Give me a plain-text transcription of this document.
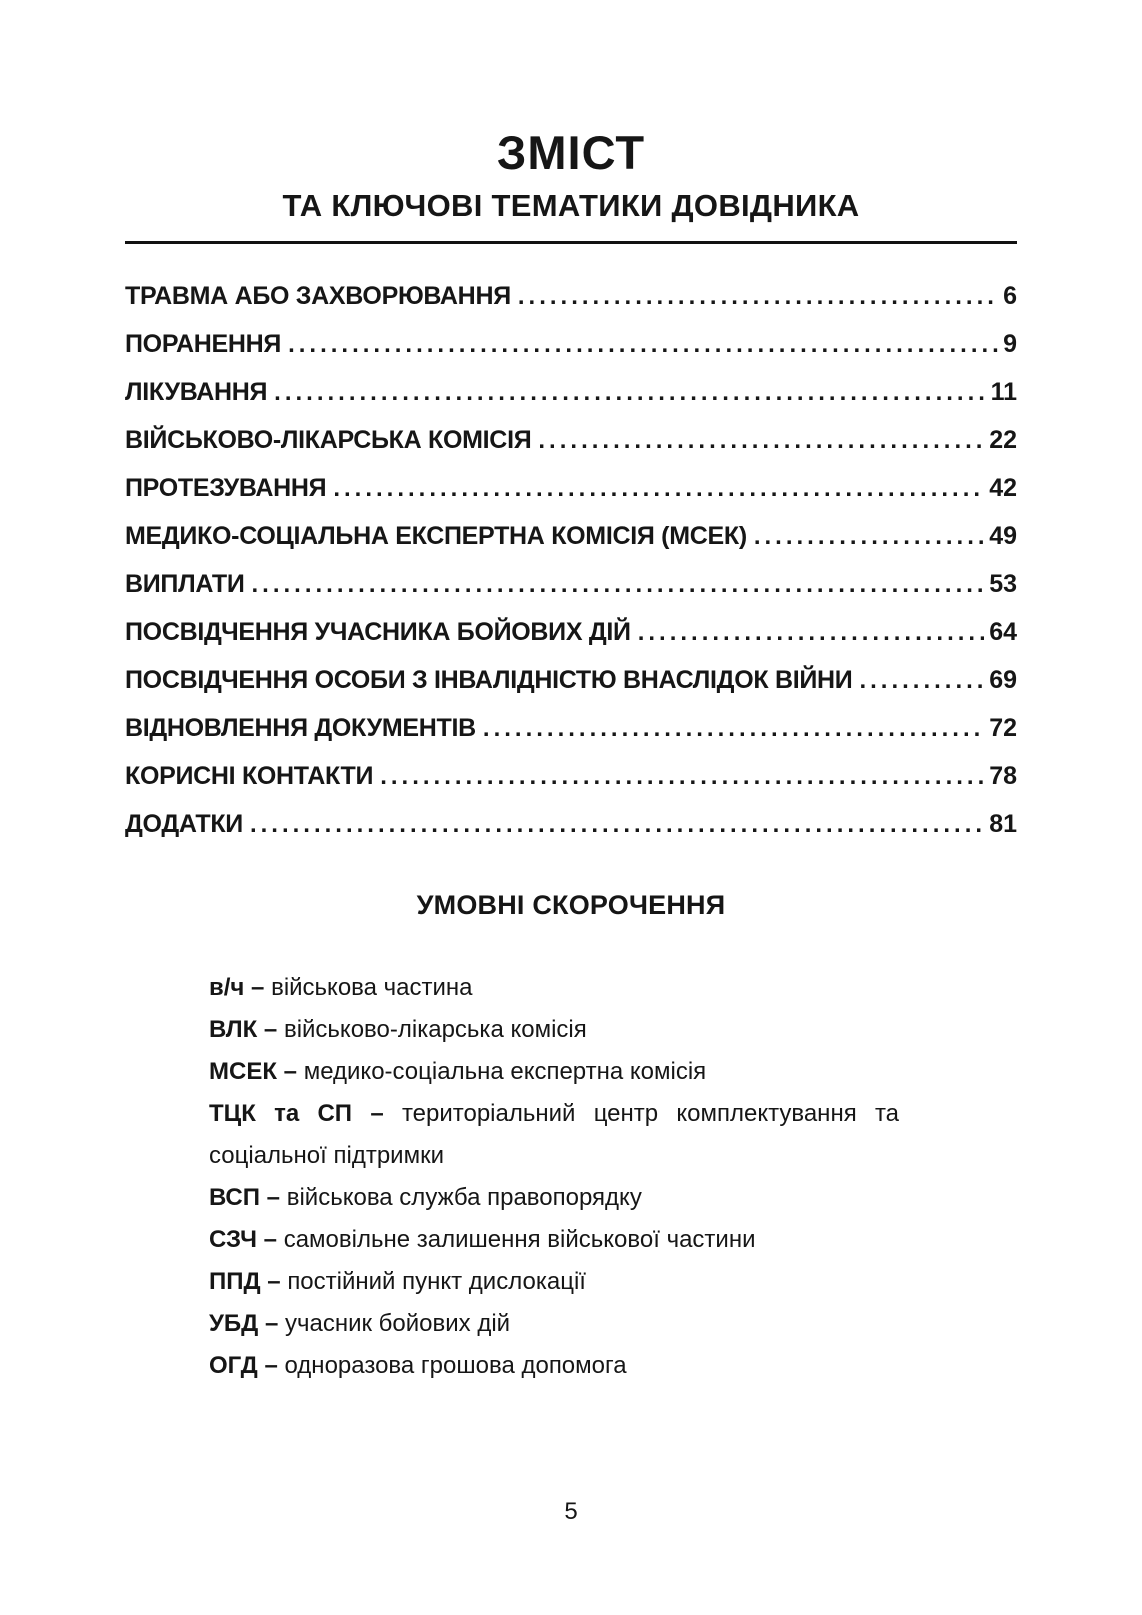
ЗМІСТ
ТА КЛЮЧОВІ ТЕМАТИКИ ДОВІДНИКА
ТРАВМА АБО ЗАХВОРЮВАННЯ .....	6
ПОРАНЕННЯ .....	9
ЛІКУВАННЯ .....	11
ВІЙСЬКОВО-ЛІКАРСЬКА КОМІСІЯ .....	22
ПРОТЕЗУВАННЯ .....	42
МЕДИКО-СОЦІАЛЬНА ЕКСПЕРТНА КОМІСІЯ (МСЕК) .....	49
ВИПЛАТИ .....	53
ПОСВІДЧЕННЯ УЧАСНИКА БОЙОВИХ ДІЙ .....	64
ПОСВІДЧЕННЯ ОСОБИ З ІНВАЛІДНІСТЮ ВНАСЛІДОК ВІЙНИ .....	69
ВІДНОВЛЕННЯ ДОКУМЕНТІВ .....	72
КОРИСНІ КОНТАКТИ .....	78
ДОДАТКИ .....	81
УМОВНІ СКОРОЧЕННЯ

в/ч – військова частина

ВЛК – військово-лікарська комісія

МСЕК – медико-соціальна експертна комісія

ТЦК та СП – територіальний центр комплектування та соціальної підтримки

ВСП – військова служба правопорядку

СЗЧ – самовільне залишення військової частини

ППД – постійний пункт дислокації

УБД – учасник бойових дій

ОГД – одноразова грошова допомога

5
